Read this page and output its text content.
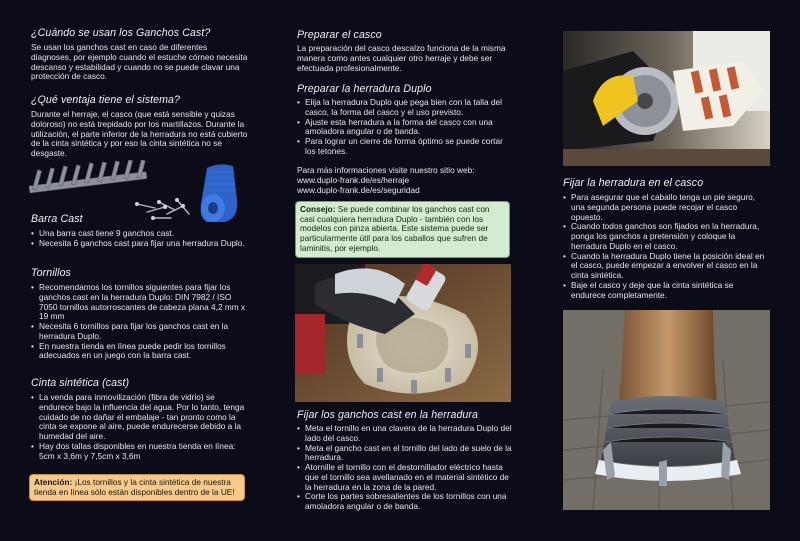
¿Cuándo se usan los Ganchos Cast?

Se usan los ganchos cast en caso de diferentes diagnoses, por ejemplo cuando el estuche córneo necesita descanso y estabilidad y cuando no se puede clavar una protección de casco.

¿Qué ventaja tiene el sistema?

Durante el herraje, el casco (que está sensible y quizas doloroso) no está trepidado por los martillazos. Durante la utilización, el parte inferior de la herradura no está cubierto de la cinta sintética y por eso la cinta sintética no se desgaste.

Barra Cast
• Una barra cast tiene 9 ganchos cast.
• Necesita 6 ganchos cast para fijar una herradura Duplo.
Tornillos
• Recomendamos los tornillos siguientes para fijar los ganchos cast en la herradura Duplo: DIN 7982 / ISO 7050 tornillos autorroscantes de cabeza plana 4,2 mm x 19 mm
• Necesita 6 tornillos para fijar los ganchos cast en la herradura Duplo.
• En nuestra tienda en línea puede pedir los tornillos adecuados en un juego con la barra cast.
Cinta sintética (cast)
• La venda para inmovilización (fibra de vidrio) se endurece bajo la influencia del agua. Por lo tanto, tenga cuidado de no dañar el embalaje - tan pronto como la cinta se expone al aire, puede endurecerse debido a la humedad del aire.
• Hay dos tallas disponibles en nuestra tienda en línea: 5cm x 3,6m y 7,5cm x 3,6m
Atención: ¡Los tornillos y la cinta sintética de nuestra tienda en línea sólo están disponibles dentro de la UE!
Preparar el casco

La preparación del casco descalzo funciona de la misma manera como antes cualquier otro herraje y debe ser efectuada profesionalmente.

Preparar la herradura Duplo
• Elija la herradura Duplo que pega bien con la talla del casco, la forma del casco y el uso previsto.
• Ajuste esta herradura a la forma del casco con una amoladora angular o de banda.
• Para lograr un cierre de forma óptimo se puede cortar los tetones.

Para más informaciones visite nuestro sitio web:

www.duplo-frank.de/es/herraje

www.duplo-frank.de/es/seguridad

Consejo: Se puede combinar los ganchos cast con casi cualquiera herradura Duplo - también con los modelos con pinza abierta. Este sistema puede ser particularmente útil para los caballos que sufren de laminitis, por ejemplo.
Fijar los ganchos cast en la herradura
• Meta el tornillo en una clavera de la herradura Duplo del lado del casco.
• Meta el gancho cast en el tornillo del lado de suelo de la herradura.
• Atornille el tornillo con el destornillador eléctrico hasta que el tornillo sea avellanado en el material sintético de la herradura en la zona de la pared.
• Corte los partes sobresalientes de los tornillos con una amoladora angular o de banda.
Fijar la herradura en el casco
• Para asegurar que el caballo tenga un pie seguro, una segunda persona puede recojar el casco opuesto.
• Cuando todos ganchos son fijados en la herradura, ponga los ganchos a pretensión y coloque la herradura Duplo en el casco.
• Cuando la herradura Duplo tiene la posición ideal en el casco, puede empezar a envolver el casco en la cinta sintética.
• Baje el casco y deje que la cinta sintética se endurece completamente.
